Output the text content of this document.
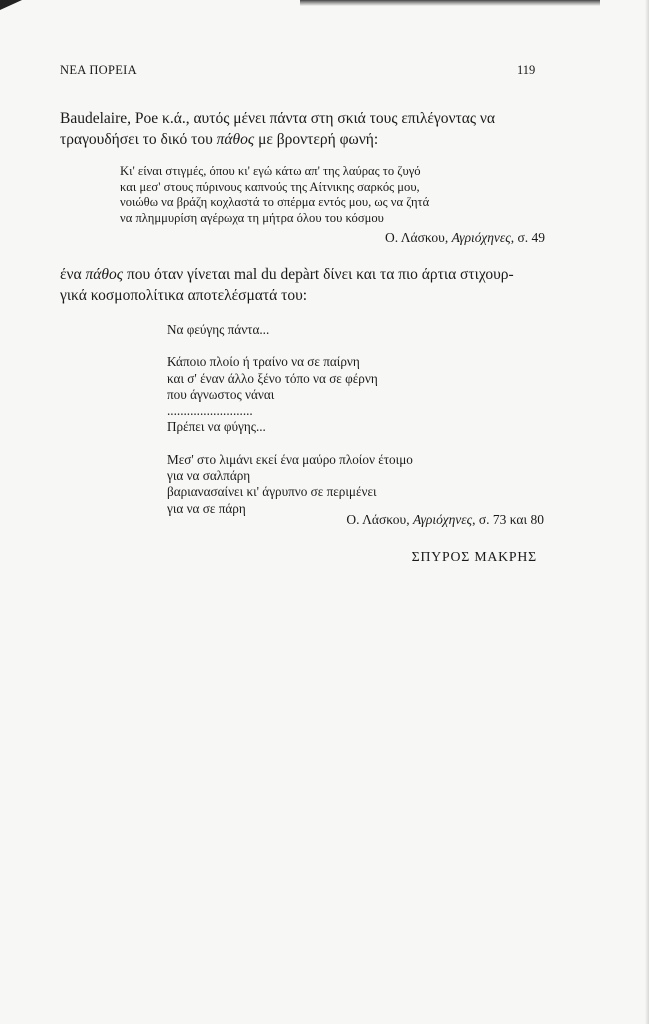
ΝΕΑ ΠΟΡΕΙΑ	119
Baudelaire, Poe κ.ά., αυτός μένει πάντα στη σκιά τους επιλέγοντας να
τραγουδήσει το δικό του πάθος με βροντερή φωνή:
Κι' είναι στιγμές, όπου κι' εγώ κάτω απ' της λαύρας το ζυγό
και μεσ' στους πύρινους καπνούς της Αίτνικης σαρκός μου,
νοιώθω να βράζη κοχλαστά το σπέρμα εντός μου, ως να ζητά
να πλημμυρίση αγέρωχα τη μήτρα όλου του κόσμου
Ο. Λάσκου, Αγριόχηνες, σ. 49
ένα πάθος που όταν γίνεται mal du depàrt δίνει και τα πιο άρτια στιχουρ-
γικά κοσμοπολίτικα αποτελέσματά του:
Να φεύγης πάντα...
Κάποιο πλοίο ή τραίνο να σε παίρνη
και σ' έναν άλλο ξένο τόπο να σε φέρνη
που άγνωστος νάναι
..........................
Πρέπει να φύγης...
Μεσ' στο λιμάνι εκεί ένα μαύρο πλοίον έτοιμο
για να σαλπάρη
βαριανασαίνει κι' άγρυπνο σε περιμένει
για να σε πάρη
Ο. Λάσκου, Αγριόχηνες, σ. 73 και 80
ΣΠΥΡΟΣ ΜΑΚΡΗΣ
